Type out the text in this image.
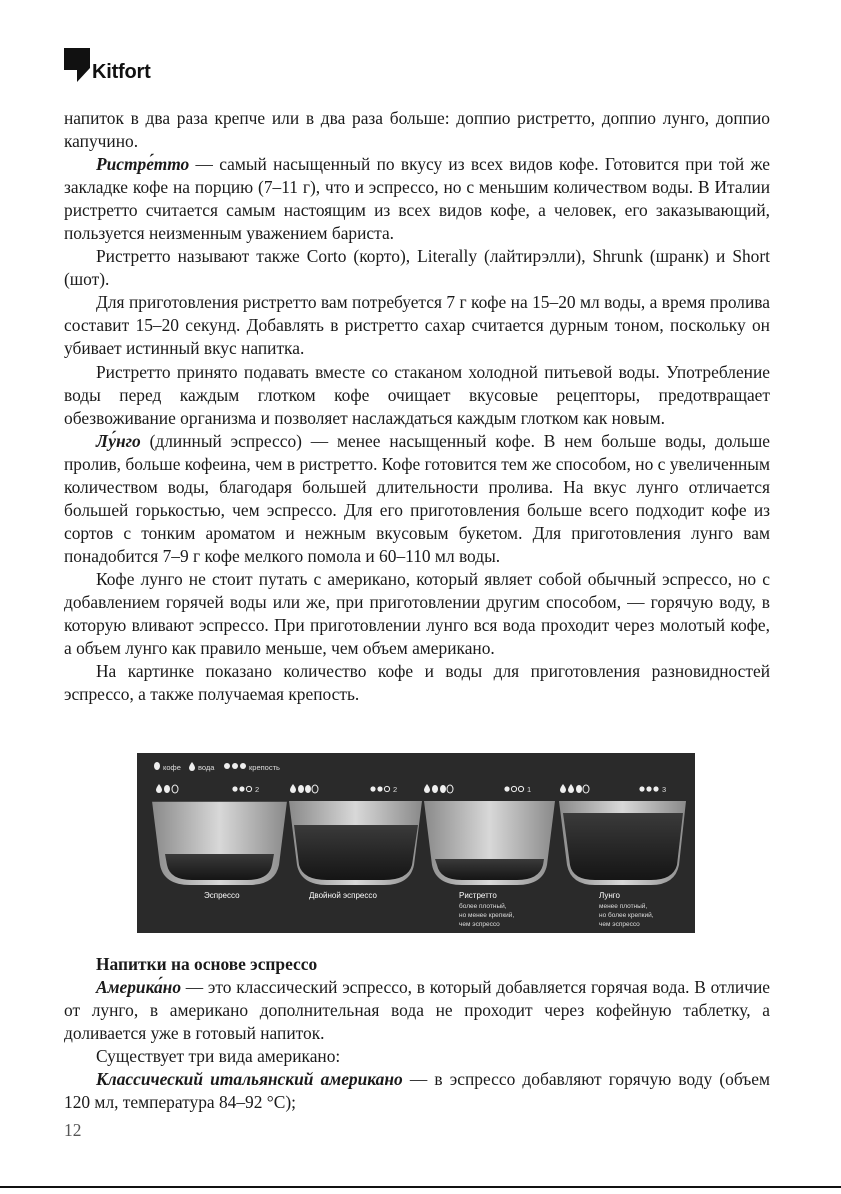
Kitfort

напиток в два раза крепче или в два раза больше: доппио ристретто, доппио лунго, доппио капучино.

Ристре́тто — самый насыщенный по вкусу из всех видов кофе. Готовится при той же закладке кофе на порцию (7–11 г), что и эспрессо, но с меньшим количеством воды. В Италии ристретто считается самым настоящим из всех видов кофе, а человек, его заказывающий, пользуется неизменным уважением бариста.

Ристретто называют также Corto (корто), Literally (лайтирэлли), Shrunk (шранк) и Short (шот).

Для приготовления ристретто вам потребуется 7 г кофе на 15–20 мл воды, а время пролива составит 15–20 секунд. Добавлять в ристретто сахар считается дурным тоном, поскольку он убивает истинный вкус напитка.

Ристретто принято подавать вместе со стаканом холодной питьевой воды. Употребление воды перед каждым глотком кофе очищает вкусовые рецепторы, предотвращает обезвоживание организма и позволяет наслаждаться каждым глотком как новым.

Лу́нго (длинный эспрессо) — менее насыщенный кофе. В нем больше воды, дольше пролив, больше кофеина, чем в ристретто. Кофе готовится тем же способом, но с увеличенным количеством воды, благодаря большей длительности пролива. На вкус лунго отличается большей горькостью, чем эспрессо. Для его приготовления больше всего подходит кофе из сортов с тонким ароматом и нежным вкусовым букетом. Для приготовления лунго вам понадобится 7–9 г кофе мелкого помола и 60–110 мл воды.

Кофе лунго не стоит путать с американо, который являет собой обычный эспрессо, но с добавлением горячей воды или же, при приготовлении другим способом, — горячую воду, в которую вливают эспрессо. При приготовлении лунго вся вода проходит через молотый кофе, а объем лунго как правило меньше, чем объем американо.

На картинке показано количество кофе и воды для приготовления разновидностей эспрессо, а также получаемая крепость.

кофе вода	крепость
2
Эспрессо
2
Двойной эспрессо
1
Ристретто
более плотный,
но менее крепкий,
чем эспрессо
3
Лунго
менее плотный,
но более крепкий,
чем эспрессо

Напитки на основе эспрессо

Америка́но — это классический эспрессо, в который добавляется горячая вода. В отличие от лунго, в американо дополнительная вода не проходит через кофейную таблетку, а доливается уже в готовый напиток.

Существует три вида американо:

Классический итальянский американо — в эспрессо добавляют горячую воду (объем 120 мл, температура 84–92 °C);

12
